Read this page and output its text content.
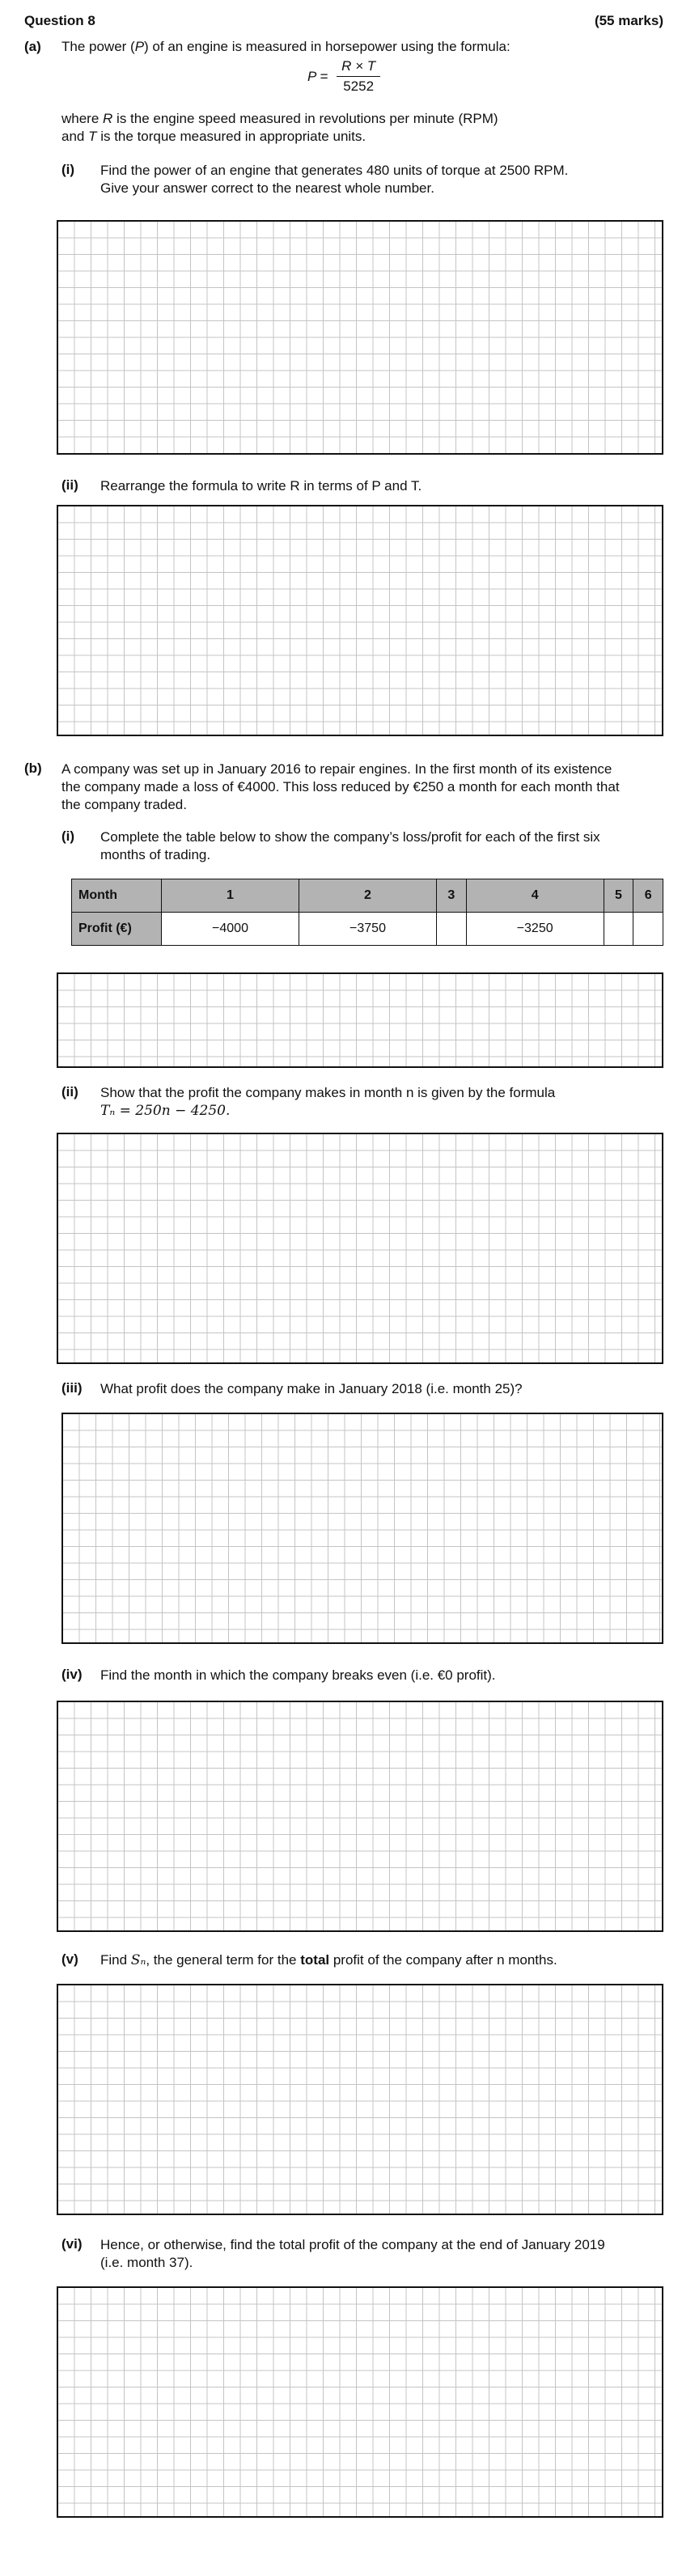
Question 8	(55 marks)
(a) The power (P) of an engine is measured in horsepower using the formula:
$P = \frac{R \times T}{5252}$
where R is the engine speed measured in revolutions per minute (RPM)
and T is the torque measured in appropriate units.
(i) Find the power of an engine that generates 480 units of torque at 2500 RPM.
Give your answer correct to the nearest whole number.
(ii) Rearrange the formula to write R in terms of P and T.
(b) A company was set up in January 2016 to repair engines. In the first month of its existence
the company made a loss of €4000. This loss reduced by €250 a month for each month that
the company traded.
(i) Complete the table below to show the company’s loss/profit for each of the first six
months of trading.
Month	1	2	3	4	5	6
Profit (€)	−4000	−3750		−3250		
(ii) Show that the profit the company makes in month n is given by the formula
Tₙ = 250n − 4250.
(iii) What profit does the company make in January 2018 (i.e. month 25)?
(iv) Find the month in which the company breaks even (i.e. €0 profit).
(v) Find Sₙ, the general term for the total profit of the company after n months.
(vi) Hence, or otherwise, find the total profit of the company at the end of January 2019
(i.e. month 37).
